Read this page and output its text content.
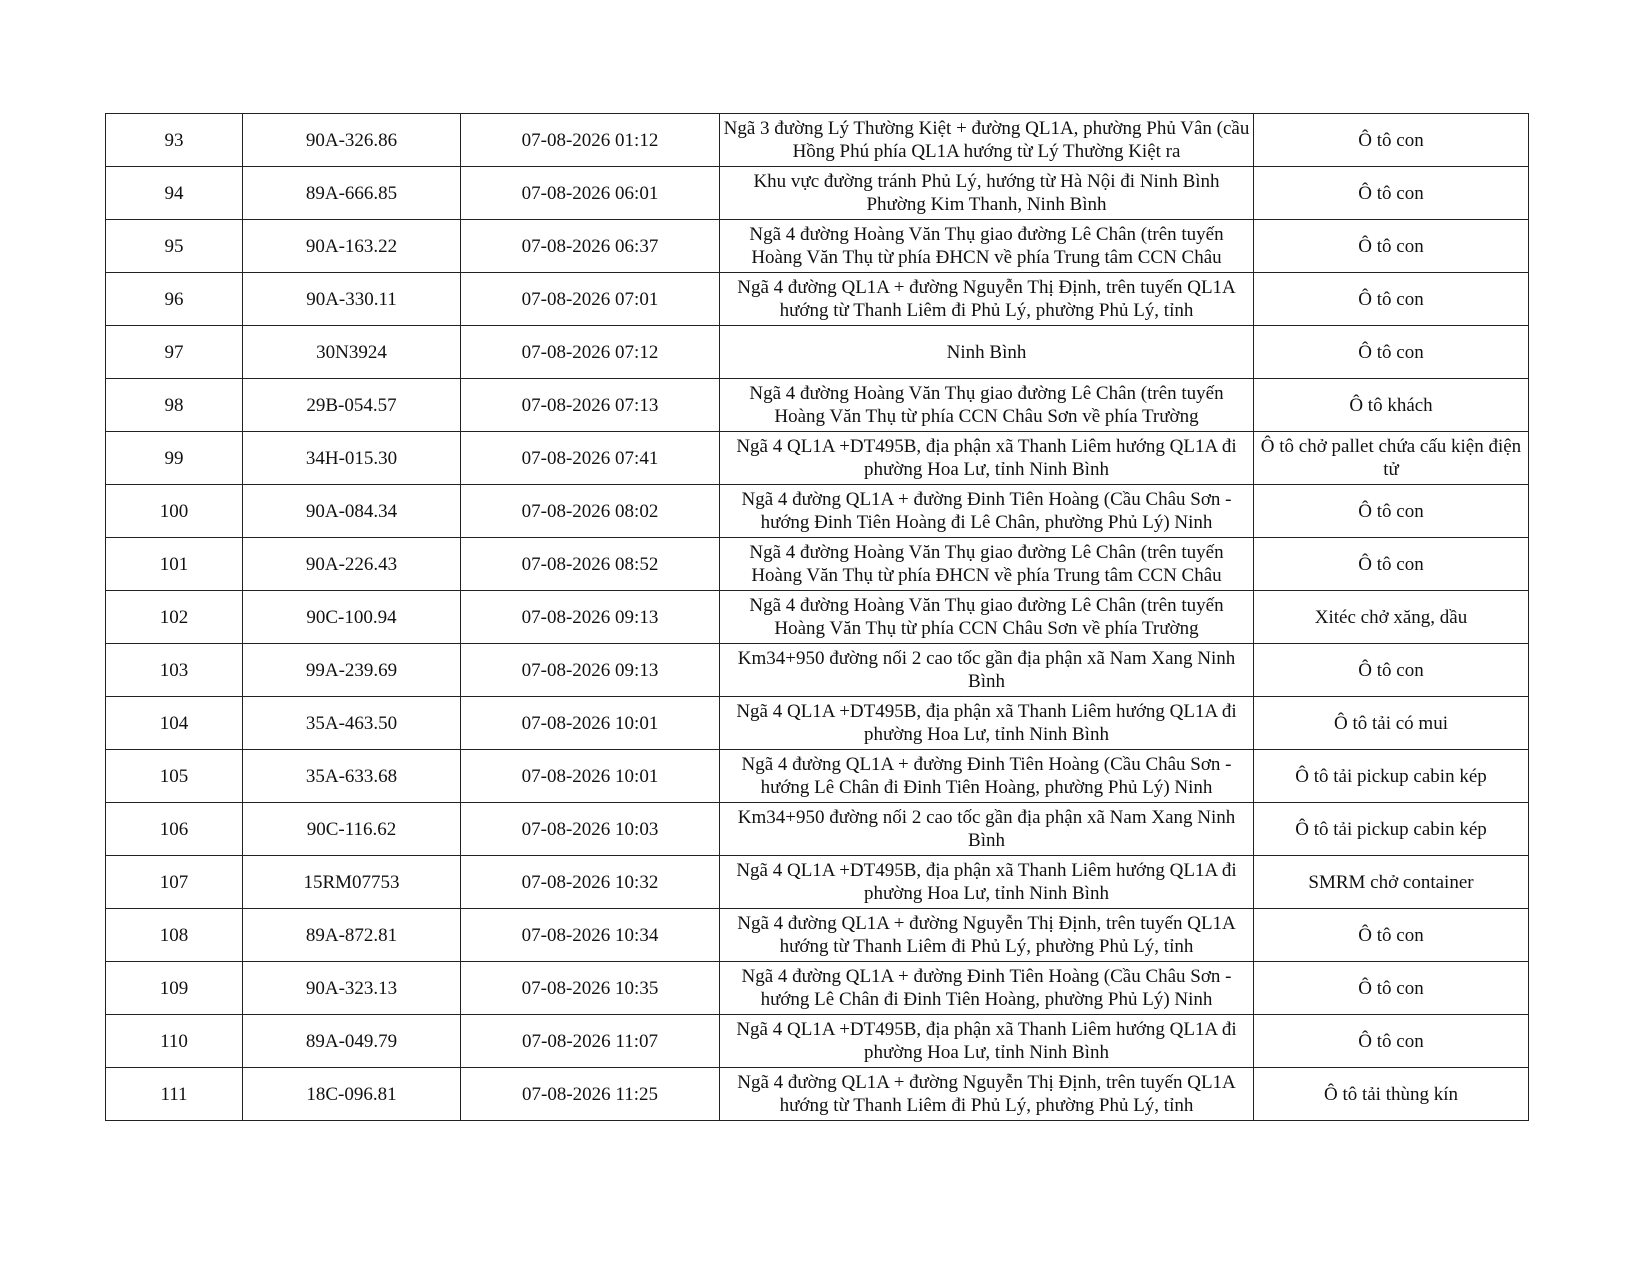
93	90A-326.86	07-08-2026 01:12	Ngã 3 đường Lý Thường Kiệt + đường QL1A, phường Phủ Vân (cầu Hồng Phú phía QL1A hướng từ Lý Thường Kiệt ra	Ô tô con
94	89A-666.85	07-08-2026 06:01	Khu vực đường tránh Phủ Lý, hướng từ Hà Nội đi Ninh Bình Phường Kim Thanh, Ninh Bình	Ô tô con
95	90A-163.22	07-08-2026 06:37	Ngã 4 đường Hoàng Văn Thụ giao đường Lê Chân (trên tuyến Hoàng Văn Thụ từ phía ĐHCN về phía Trung tâm CCN Châu	Ô tô con
96	90A-330.11	07-08-2026 07:01	Ngã 4 đường QL1A + đường Nguyễn Thị Định, trên tuyến QL1A hướng từ Thanh Liêm đi Phủ Lý, phường Phủ Lý, tỉnh	Ô tô con
97	30N3924	07-08-2026 07:12	Ninh Bình	Ô tô con
98	29B-054.57	07-08-2026 07:13	Ngã 4 đường Hoàng Văn Thụ giao đường Lê Chân (trên tuyến Hoàng Văn Thụ từ phía CCN Châu Sơn về phía Trường	Ô tô khách
99	34H-015.30	07-08-2026 07:41	Ngã 4 QL1A +DT495B, địa phận xã Thanh Liêm hướng QL1A đi phường Hoa Lư, tỉnh Ninh Bình	Ô tô chở pallet chứa cấu kiện điện tử
100	90A-084.34	07-08-2026 08:02	Ngã 4 đường QL1A + đường Đinh Tiên Hoàng (Cầu Châu Sơn - hướng Đinh Tiên Hoàng đi Lê Chân, phường Phủ Lý) Ninh	Ô tô con
101	90A-226.43	07-08-2026 08:52	Ngã 4 đường Hoàng Văn Thụ giao đường Lê Chân (trên tuyến Hoàng Văn Thụ từ phía ĐHCN về phía Trung tâm CCN Châu	Ô tô con
102	90C-100.94	07-08-2026 09:13	Ngã 4 đường Hoàng Văn Thụ giao đường Lê Chân (trên tuyến Hoàng Văn Thụ từ phía CCN Châu Sơn về phía Trường	Xitéc chở xăng, dầu
103	99A-239.69	07-08-2026 09:13	Km34+950 đường nối 2 cao tốc gần địa phận xã Nam Xang Ninh Bình	Ô tô con
104	35A-463.50	07-08-2026 10:01	Ngã 4 QL1A +DT495B, địa phận xã Thanh Liêm hướng QL1A đi phường Hoa Lư, tỉnh Ninh Bình	Ô tô tải có mui
105	35A-633.68	07-08-2026 10:01	Ngã 4 đường QL1A + đường Đinh Tiên Hoàng (Cầu Châu Sơn - hướng Lê Chân đi Đinh Tiên Hoàng, phường Phủ Lý) Ninh	Ô tô tải pickup cabin kép
106	90C-116.62	07-08-2026 10:03	Km34+950 đường nối 2 cao tốc gần địa phận xã Nam Xang Ninh Bình	Ô tô tải pickup cabin kép
107	15RM07753	07-08-2026 10:32	Ngã 4 QL1A +DT495B, địa phận xã Thanh Liêm hướng QL1A đi phường Hoa Lư, tỉnh Ninh Bình	SMRM chở container
108	89A-872.81	07-08-2026 10:34	Ngã 4 đường QL1A + đường Nguyễn Thị Định, trên tuyến QL1A hướng từ Thanh Liêm đi Phủ Lý, phường Phủ Lý, tỉnh	Ô tô con
109	90A-323.13	07-08-2026 10:35	Ngã 4 đường QL1A + đường Đinh Tiên Hoàng (Cầu Châu Sơn - hướng Lê Chân đi Đinh Tiên Hoàng, phường Phủ Lý) Ninh	Ô tô con
110	89A-049.79	07-08-2026 11:07	Ngã 4 QL1A +DT495B, địa phận xã Thanh Liêm hướng QL1A đi phường Hoa Lư, tỉnh Ninh Bình	Ô tô con
111	18C-096.81	07-08-2026 11:25	Ngã 4 đường QL1A + đường Nguyễn Thị Định, trên tuyến QL1A hướng từ Thanh Liêm đi Phủ Lý, phường Phủ Lý, tỉnh	Ô tô tải thùng kín
